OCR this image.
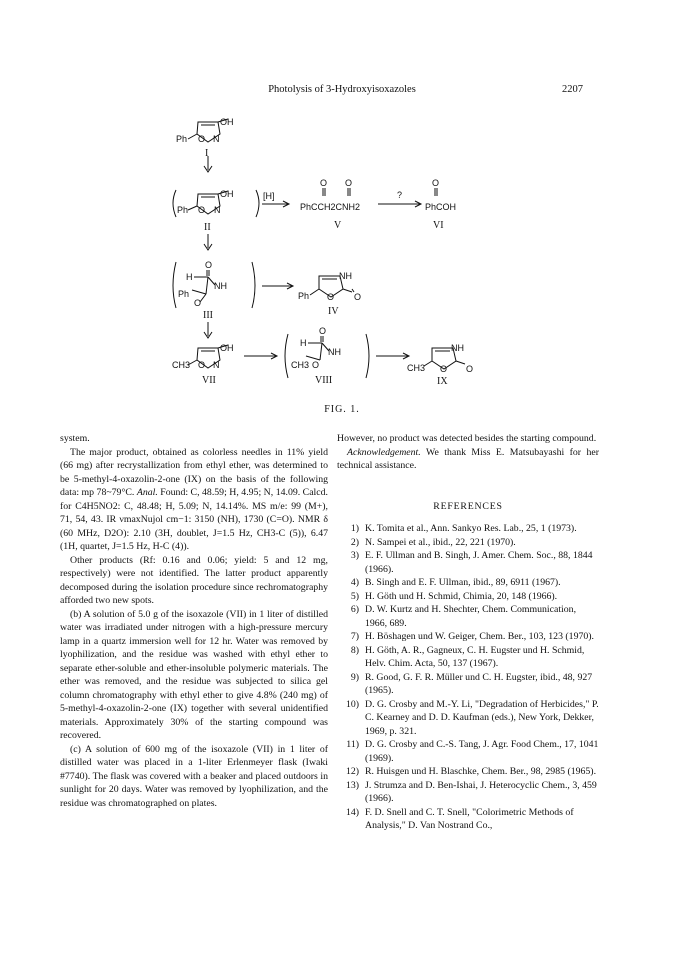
Photolysis of 3-Hydroxyisoxazoles	2207
OH
Ph O N
I
OH
Ph O N
II
[H]
O O
PhCCH2CNH2
V
?
O
PhCOH
VI
O
H
NH
Ph
O
III
NH
Ph O O
IV
OH
CH3 O N
VII
O
H
NH
CH3 O
VIII
NH
CH3 O O
IX
FIG. 1.

system.

The major product, obtained as colorless needles in 11% yield (66 mg) after recrystallization from ethyl ether, was determined to be 5-methyl-4-oxazolin-2-one (IX) on the basis of the following data: mp 78~79°C. Anal. Found: C, 48.59; H, 4.95; N, 14.09. Calcd. for C4H5NO2: C, 48.48; H, 5.09; N, 14.14%. MS m/e: 99 (M+), 71, 54, 43. IR νmaxNujol cm−1: 3150 (NH), 1730 (C=O). NMR δ (60 MHz, D2O): 2.10 (3H, doublet, J=1.5 Hz, CH3-C (5)), 6.47 (1H, quartet, J=1.5 Hz, H-C (4)).

Other products (Rf: 0.16 and 0.06; yield: 5 and 12 mg, respectively) were not identified. The latter product apparently decomposed during the isolation procedure since rechromatography afforded two new spots.

(b) A solution of 5.0 g of the isoxazole (VII) in 1 liter of distilled water was irradiated under nitrogen with a high-pressure mercury lamp in a quartz immersion well for 12 hr. Water was removed by lyophilization, and the residue was washed with ethyl ether to separate ether-soluble and ether-insoluble polymeric materials. The ether was removed, and the residue was subjected to silica gel column chromatography with ethyl ether to give 4.8% (240 mg) of 5-methyl-4-oxazolin-2-one (IX) together with several unidentified materials. Approximately 30% of the starting compound was recovered.

(c) A solution of 600 mg of the isoxazole (VII) in 1 liter of distilled water was placed in a 1-liter Erlenmeyer flask (Iwaki #7740). The flask was covered with a beaker and placed outdoors in sunlight for 20 days. Water was removed by lyophilization, and the residue was chromatographed on plates.

However, no product was detected besides the starting compound.

Acknowledgement. We thank Miss E. Matsubayashi for her technical assistance.

REFERENCES
1) K. Tomita et al., Ann. Sankyo Res. Lab., 25, 1 (1973).
2) N. Sampei et al., ibid., 22, 221 (1970).
3) E. F. Ullman and B. Singh, J. Amer. Chem. Soc., 88, 1844 (1966).
4) B. Singh and E. F. Ullman, ibid., 89, 6911 (1967).
5) H. Göth und H. Schmid, Chimia, 20, 148 (1966).
6) D. W. Kurtz and H. Shechter, Chem. Communication, 1966, 689.
7) H. Böshagen und W. Geiger, Chem. Ber., 103, 123 (1970).
8) H. Göth, A. R., Gagneux, C. H. Eugster und H. Schmid, Helv. Chim. Acta, 50, 137 (1967).
9) R. Good, G. F. R. Müller und C. H. Eugster, ibid., 48, 927 (1965).
10) D. G. Crosby and M.-Y. Li, "Degradation of Herbicides," P. C. Kearney and D. D. Kaufman (eds.), New York, Dekker, 1969, p. 321.
11) D. G. Crosby and C.-S. Tang, J. Agr. Food Chem., 17, 1041 (1969).
12) R. Huisgen und H. Blaschke, Chem. Ber., 98, 2985 (1965).
13) J. Strumza and D. Ben-Ishai, J. Heterocyclic Chem., 3, 459 (1966).
14) F. D. Snell and C. T. Snell, "Colorimetric Methods of Analysis," D. Van Nostrand Co.,
